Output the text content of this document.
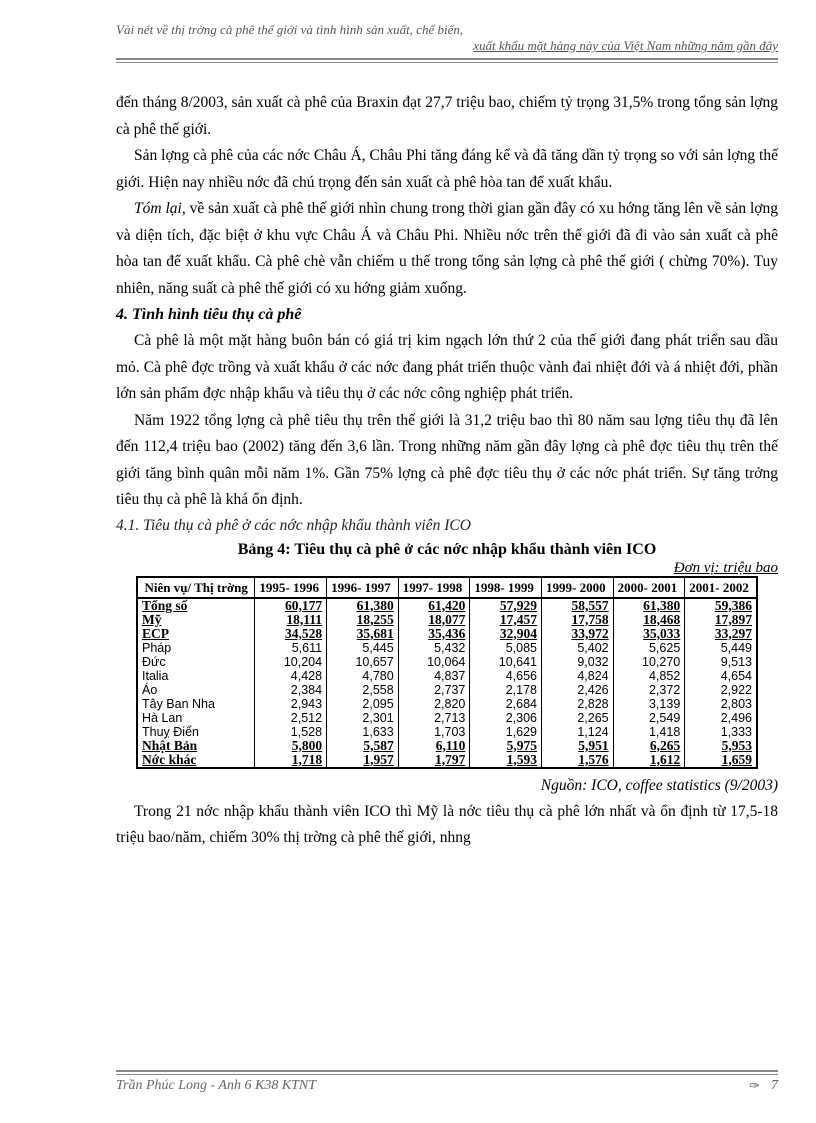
Vài nét về thị trờng cà phê thế giới và tình hình sản xuất, chế biến,
xuất khẩu mặt hàng này của Việt Nam những năm gần đây

đến tháng 8/2003, sản xuất cà phê của Braxin đạt 27,7 triệu bao, chiếm tỷ trọng 31,5% trong tổng sản lợng cà phê thế giới.

Sản lợng cà phê của các nớc Châu Á, Châu Phi tăng đáng kể và đã tăng dần tỷ trọng so với sản lợng thế giới. Hiện nay nhiều nớc đã chú trọng đến sản xuất cà phê hòa tan để xuất khẩu.

Tóm lại, về sản xuất cà phê thế giới nhìn chung trong thời gian gần đây có xu hớng tăng lên về sản lợng và diện tích, đặc biệt ở khu vực Châu Á và Châu Phi. Nhiều nớc trên thế giới đã đi vào sản xuất cà phê hòa tan để xuất khẩu. Cà phê chè vẫn chiếm u thế trong tổng sản lợng cà phê thế giới ( chừng 70%). Tuy nhiên, năng suất cà phê thế giới có xu hớng giảm xuống.

4. Tình hình tiêu thụ cà phê

Cà phê là một mặt hàng buôn bán có giá trị kim ngạch lớn thứ 2 của thế giới đang phát triển sau dầu mỏ. Cà phê đợc trồng và xuất khẩu ở các nớc đang phát triển thuộc vành đai nhiệt đới và á nhiệt đới, phần lớn sản phẩm đợc nhập khẩu và tiêu thụ ở các nớc công nghiệp phát triển.

Năm 1922 tổng lợng cà phê tiêu thụ trên thế giới là 31,2 triệu bao thì 80 năm sau lợng tiêu thụ đã lên đến 112,4 triệu bao (2002) tăng đến 3,6 lần. Trong những năm gần đây lợng cà phê đợc tiêu thụ trên thế giới tăng bình quân mỗi năm 1%. Gần 75% lợng cà phê đợc tiêu thụ ở các nớc phát triển. Sự tăng trởng tiêu thụ cà phê là khá ổn định.

4.1. Tiêu thụ cà phê ở các nớc nhập khẩu thành viên ICO

Bảng 4: Tiêu thụ cà phê ở các nớc nhập khẩu thành viên ICO

Đơn vị: triệu bao

Niên vụ/ Thị trờng	1995- 1996	1996- 1997	1997- 1998	1998- 1999	1999- 2000	2000- 2001	2001- 2002
Tổng số	60,177	61,380	61,420	57,929	58,557	61,380	59,386
Mỹ	18,111	18,255	18,077	17,457	17,758	18,468	17,897
ECP	34,528	35,681	35,436	32,904	33,972	35,033	33,297
Pháp	5,611	5,445	5,432	5,085	5,402	5,625	5,449
Đức	10,204	10,657	10,064	10,641	9,032	10,270	9,513
Italia	4,428	4,780	4,837	4,656	4,824	4,852	4,654
Áo	2,384	2,558	2,737	2,178	2,426	2,372	2,922
Tây Ban Nha	2,943	2,095	2,820	2,684	2,828	3,139	2,803
Hà Lan	2,512	2,301	2,713	2,306	2,265	2,549	2,496
Thuỵ Điển	1,528	1,633	1,703	1,629	1,124	1,418	1,333
Nhật Bản	5,800	5,587	6,110	5,975	5,951	6,265	5,953
Nớc khác	1,718	1,957	1,797	1,593	1,576	1,612	1,659

Nguồn: ICO, coffee statistics (9/2003)

Trong 21 nớc nhập khẩu thành viên ICO thì Mỹ là nớc tiêu thụ cà phê lớn nhất và ổn định từ 17,5-18 triệu bao/năm, chiếm 30% thị trờng cà phê thế giới, nhng

Trần Phúc Long - Anh 6 K38 KTNT	✑ 7
